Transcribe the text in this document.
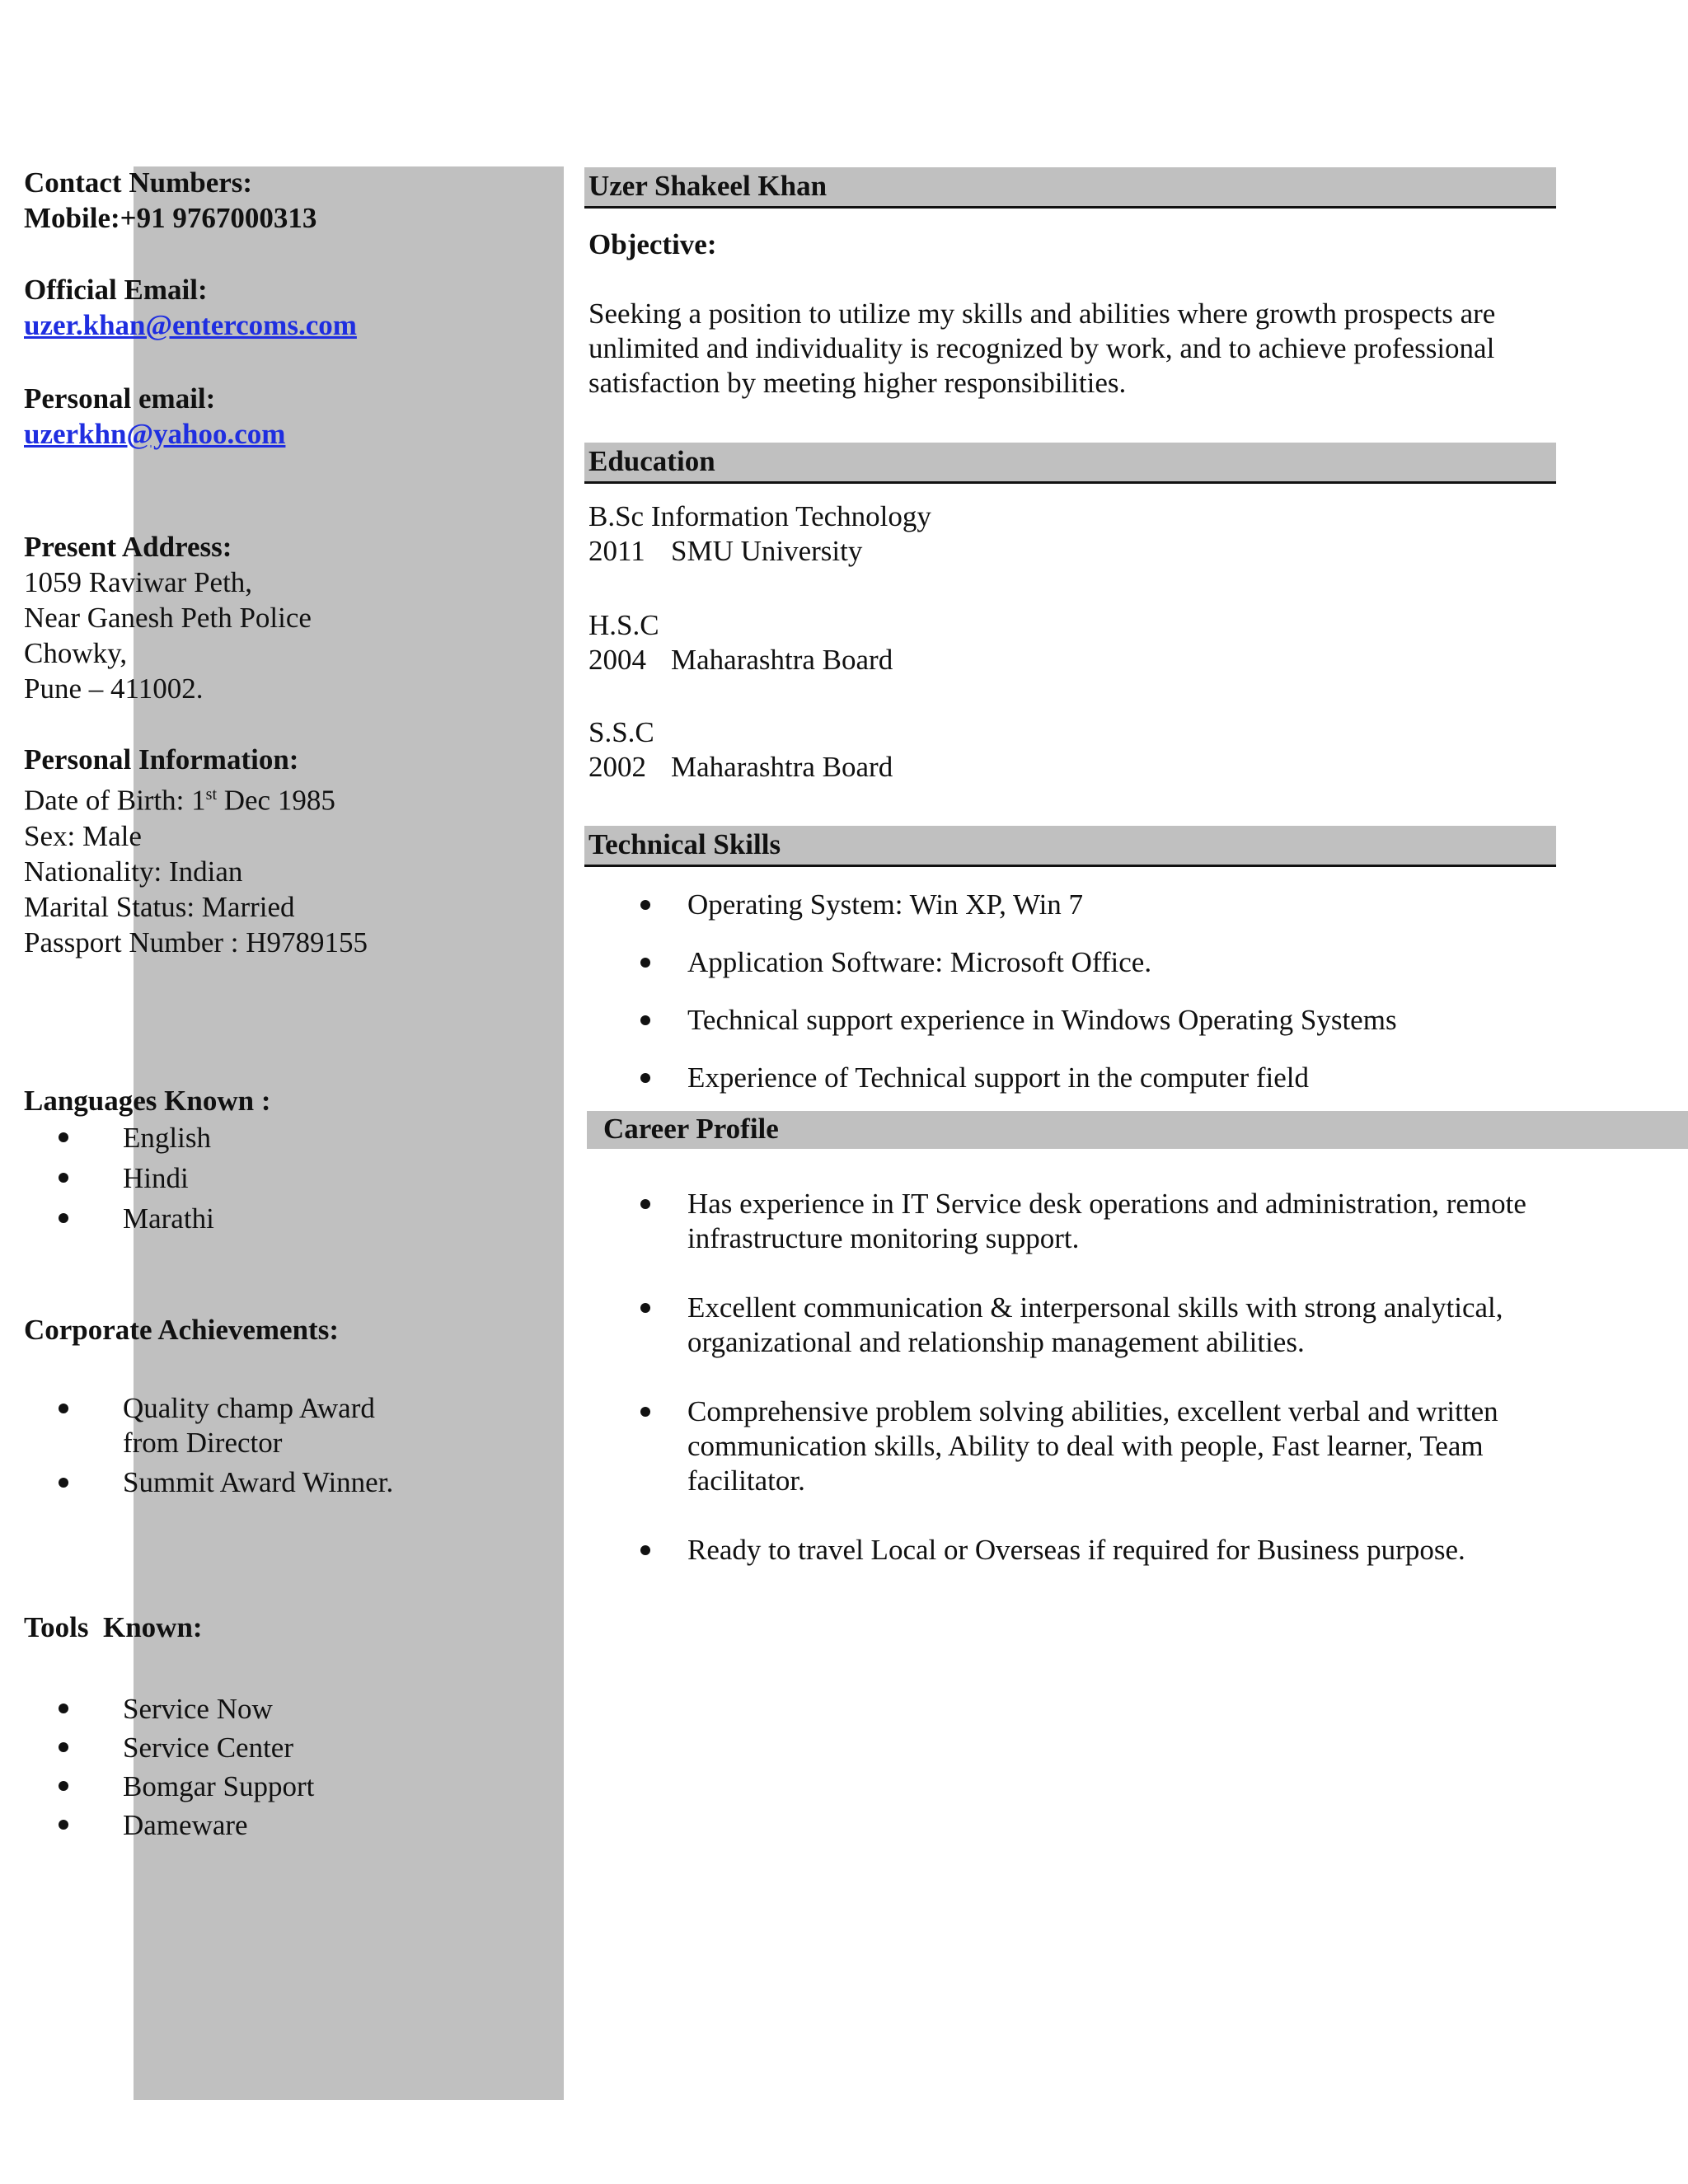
Contact Numbers:
Mobile:+91 9767000313
Official Email:
uzer.khan@entercoms.com
Personal email:
uzerkhn@yahoo.com
Present Address:
1059 Raviwar Peth,
Near Ganesh Peth Police
Chowky,
Pune – 411002.
Personal Information:
Date of Birth: 1st Dec 1985
Sex: Male
Nationality: Indian
Marital Status: Married
Passport Number : H9789155
Languages Known :
English
Hindi
Marathi
Corporate Achievements:
Quality champ Award from Director
Summit Award Winner.
Tools  Known:
Service Now
Service Center
Bomgar Support
Dameware
Uzer Shakeel Khan
Objective:
Seeking a position to utilize my skills and abilities where growth prospects are unlimited and individuality is recognized by work, and to achieve professional satisfaction by meeting higher responsibilities.
Education
B.Sc Information Technology
2011 SMU University
H.S.C
2004 Maharashtra Board
S.S.C
2002 Maharashtra Board
Technical Skills
Operating System: Win XP, Win 7
Application Software: Microsoft Office.
Technical support experience in Windows Operating Systems
Experience of Technical support in the computer field
Career Profile
Has experience in IT Service desk operations and administration, remote infrastructure monitoring support.
Excellent communication & interpersonal skills with strong analytical, organizational and relationship management abilities.
Comprehensive problem solving abilities, excellent verbal and written communication skills, Ability to deal with people, Fast learner, Team facilitator.
Ready to travel Local or Overseas if required for Business purpose.
